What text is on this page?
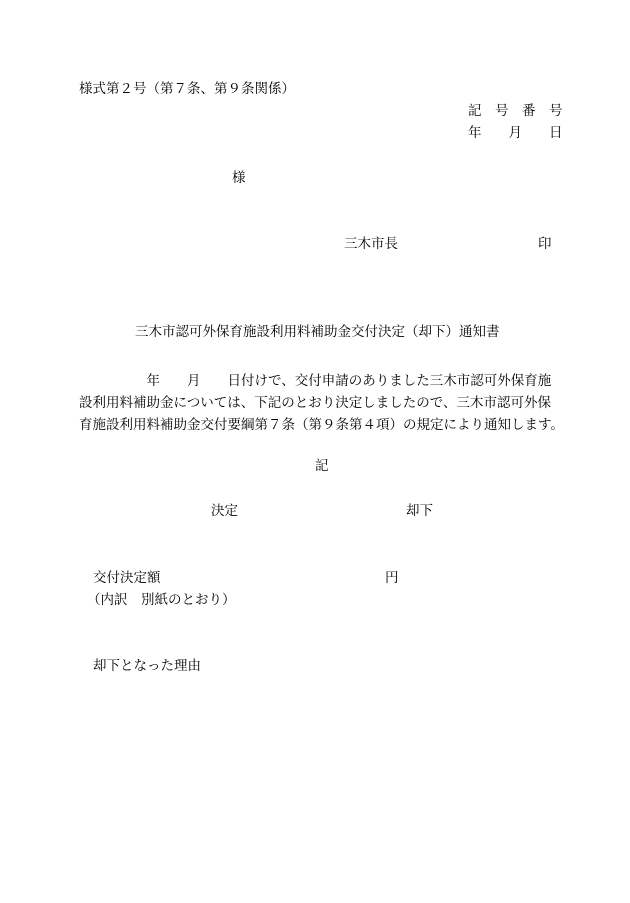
様式第２号（第７条、第９条関係）
記　号　番　号
年　　月　　日
様
三木市長	印
三木市認可外保育施設利用料補助金交付決定（却下）通知書
　　　　　年　　月　　日付けで、交付申請のありました三木市認可外保育施
設利用料補助金については、下記のとおり決定しましたので、三木市認可外保
育施設利用料補助金交付要綱第７条（第９条第４項）の規定により通知します。
記
決定	却下
交付決定額	円
（内訳　別紙のとおり）
却下となった理由
